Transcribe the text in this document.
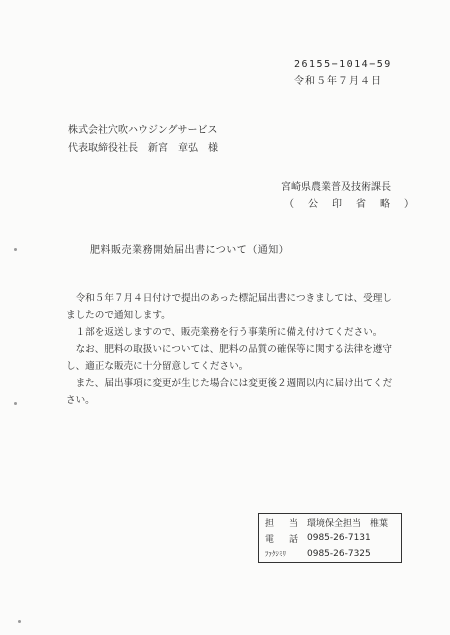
26155−1014−59
令和５年７月４日
株式会社穴吹ハウジングサービス
代表取締役社長　新宮　章弘　様
宮崎県農業普及技術課長
（　公　印　省　略　）
肥料販売業務開始届出書について（通知）

令和５年７月４日付けで提出のあった標記届出書につきましては、受理しましたので通知します。

１部を返送しますので、販売業務を行う事業所に備え付けてください。

なお、肥料の取扱いについては、肥料の品質の確保等に関する法律を遵守し、適正な販売に十分留意してください。

また、届出事項に変更が生じた場合には変更後２週間以内に届け出てください。

担　当 環境保全担当　椎葉
電　話 0985-26-7131
ﾌｧｸｼﾐﾘ	0985-26-7325
